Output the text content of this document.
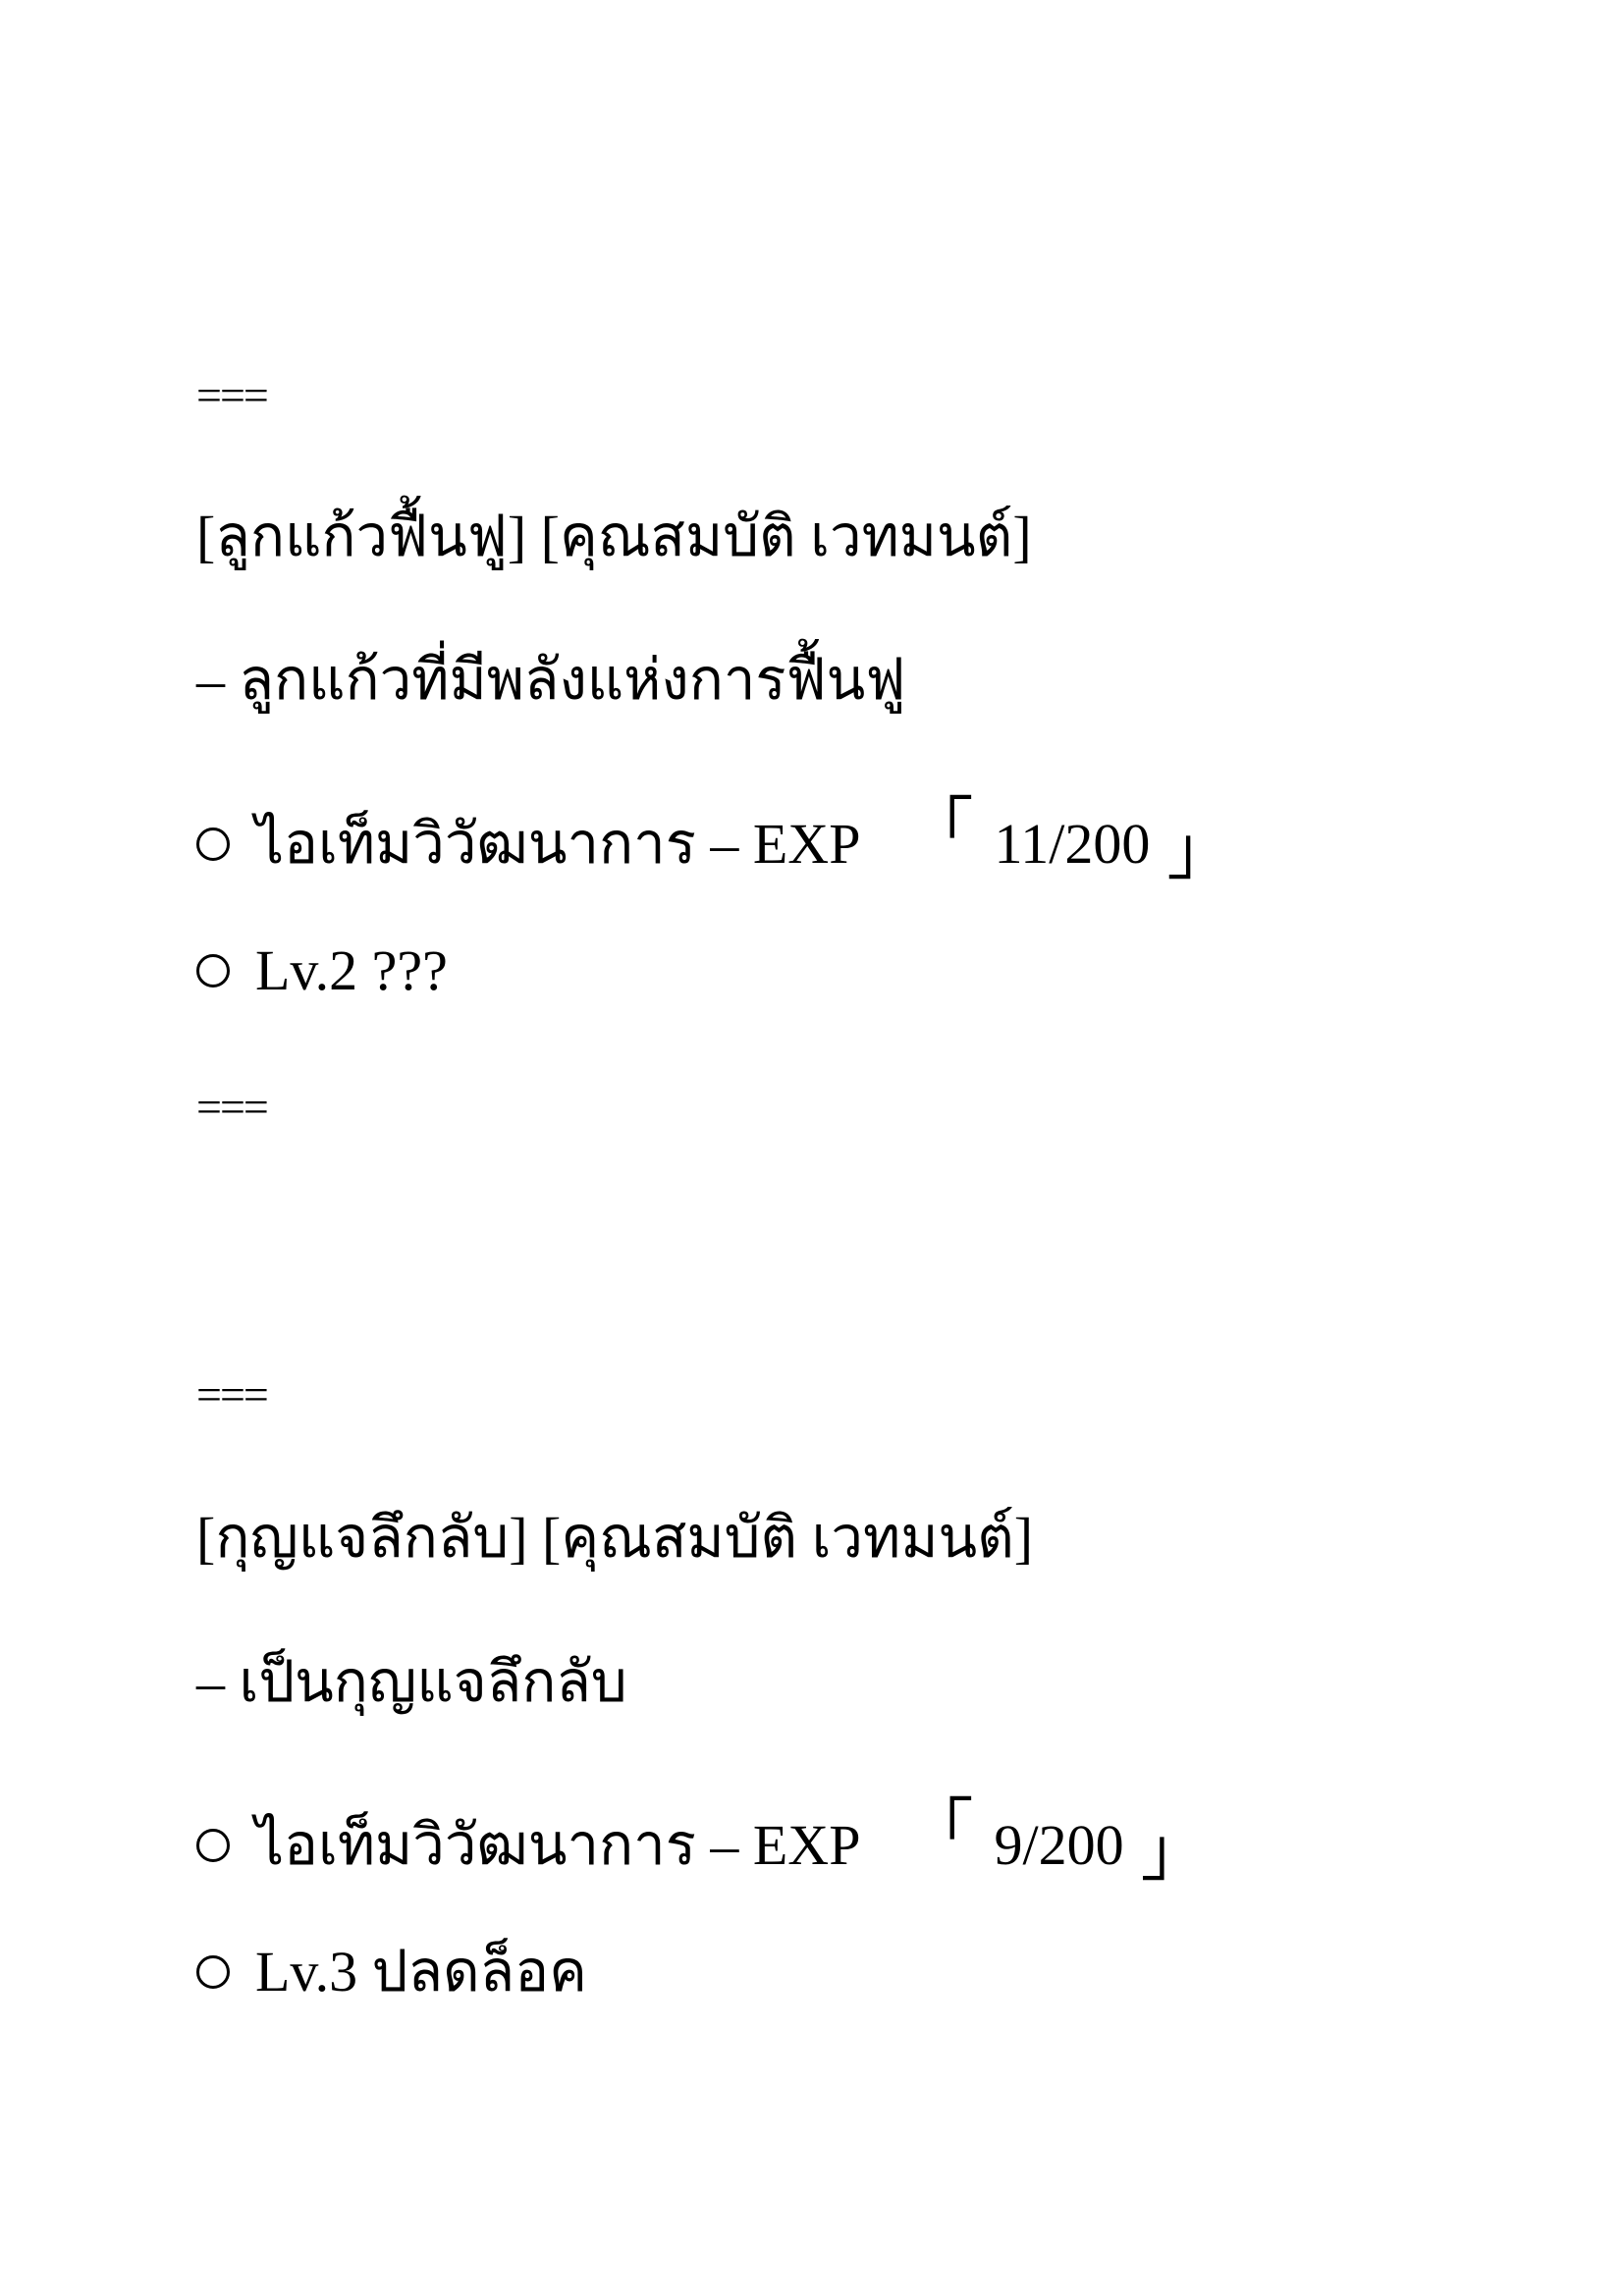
===
[ลูกแก้วฟื้นฟู] [คุณสมบัติ เวทมนต์]
– ลูกแก้วที่มีพลังแห่งการฟื้นฟู
ไอเท็มวิวัฒนาการ – EXP 「 11/200 」
Lv.2 ???
===
===
[กุญแจลึกลับ] [คุณสมบัติ เวทมนต์]
– เป็นกุญแจลึกลับ
ไอเท็มวิวัฒนาการ – EXP 「 9/200 」
Lv.3 ปลดล็อค
